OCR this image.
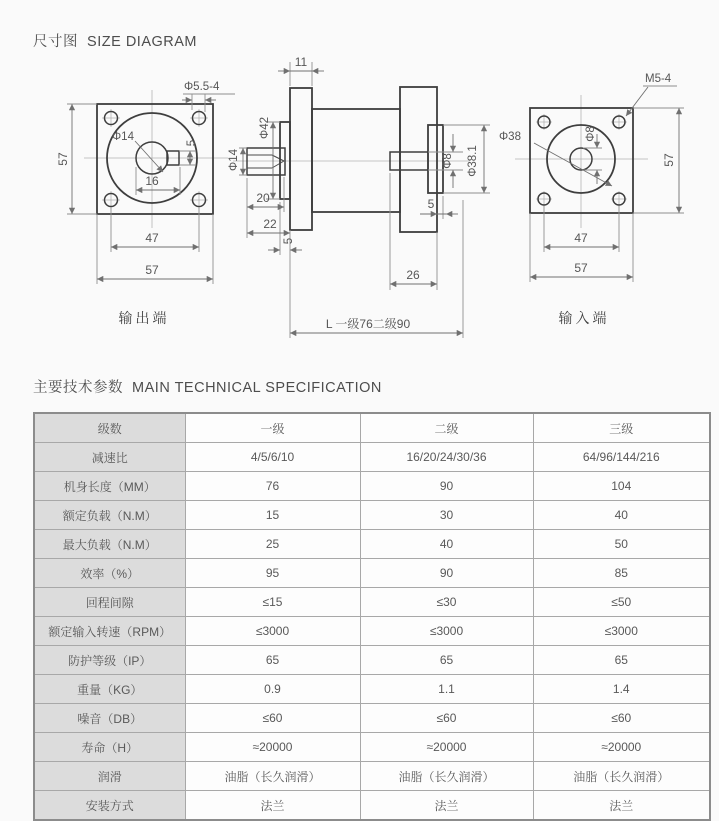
尺寸图  SIZE DIAGRAM
Φ5.5-4
57
Φ14	5
16
47
57
输出端
11
Φ42
Φ14
20
22
5
Φ8 Φ38.1
5
26
L 一级76二级90
M5-4
Φ38	Φ8
57
47
57
输入端
主要技术参数  MAIN TECHNICAL SPECIFICATION
级数	一级	二级	三级
减速比	4/5/6/10	16/20/24/30/36	64/96/144/216
机身长度（MM）	76	90	104
额定负载（N.M）	15	30	40
最大负载（N.M）	25	40	50
效率（%）	95	90	85
回程间隙	≤15	≤30	≤50
额定输入转速（RPM）	≤3000	≤3000	≤3000
防护等级（IP）	65	65	65
重量（KG）	0.9	1.1	1.4
噪音（DB）	≤60	≤60	≤60
寿命（H）	≈20000	≈20000	≈20000
润滑	油脂（长久润滑）	油脂（长久润滑）	油脂（长久润滑）
安装方式	法兰	法兰	法兰
